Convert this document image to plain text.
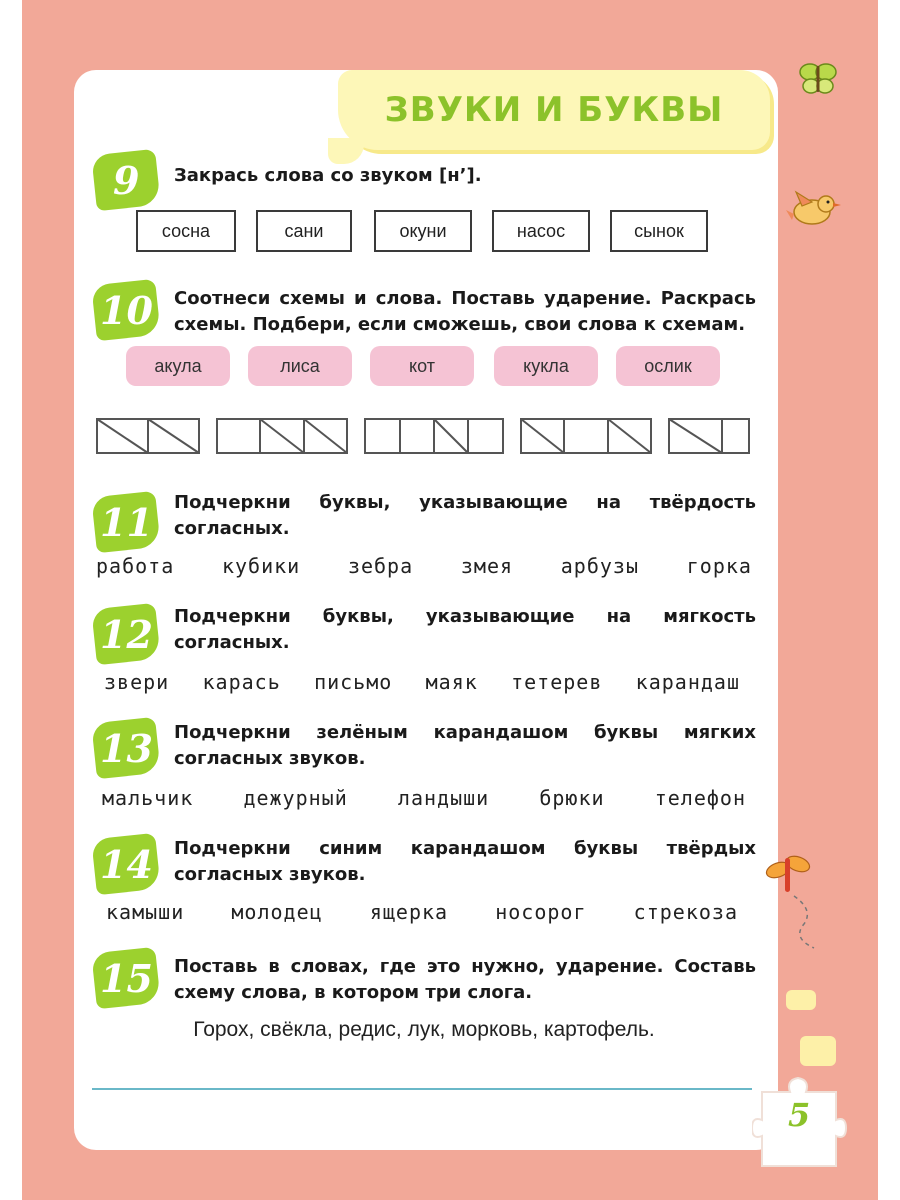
ЗВУКИ И БУКВЫ
9 Закрась слова со звуком [н’].
сосна	сани	окуни	насос	сынок
10 Соотнеси схемы и слова. Поставь ударение. Раскрась схемы. Подбери, если сможешь, свои слова к схемам.
акула	лиса	кот	кукла	ослик
11 Подчеркни буквы, указывающие на твёрдость согласных.
работа кубики зебра змея арбузы горка
12 Подчеркни буквы, указывающие на мягкость согласных.
звери карась письмо маяк тетерев карандаш
13 Подчеркни зелёным карандашом буквы мягких согласных звуков.
мальчик	дежурный	ландыши	брюки	телефон
14 Подчеркни синим карандашом буквы твёрдых согласных звуков.
камыши молодец ящерка носорог стрекоза
15 Поставь в словах, где это нужно, ударение. Составь схему слова, в котором три слога.
Горох, свёкла, редис, лук, морковь, картофель.
5
